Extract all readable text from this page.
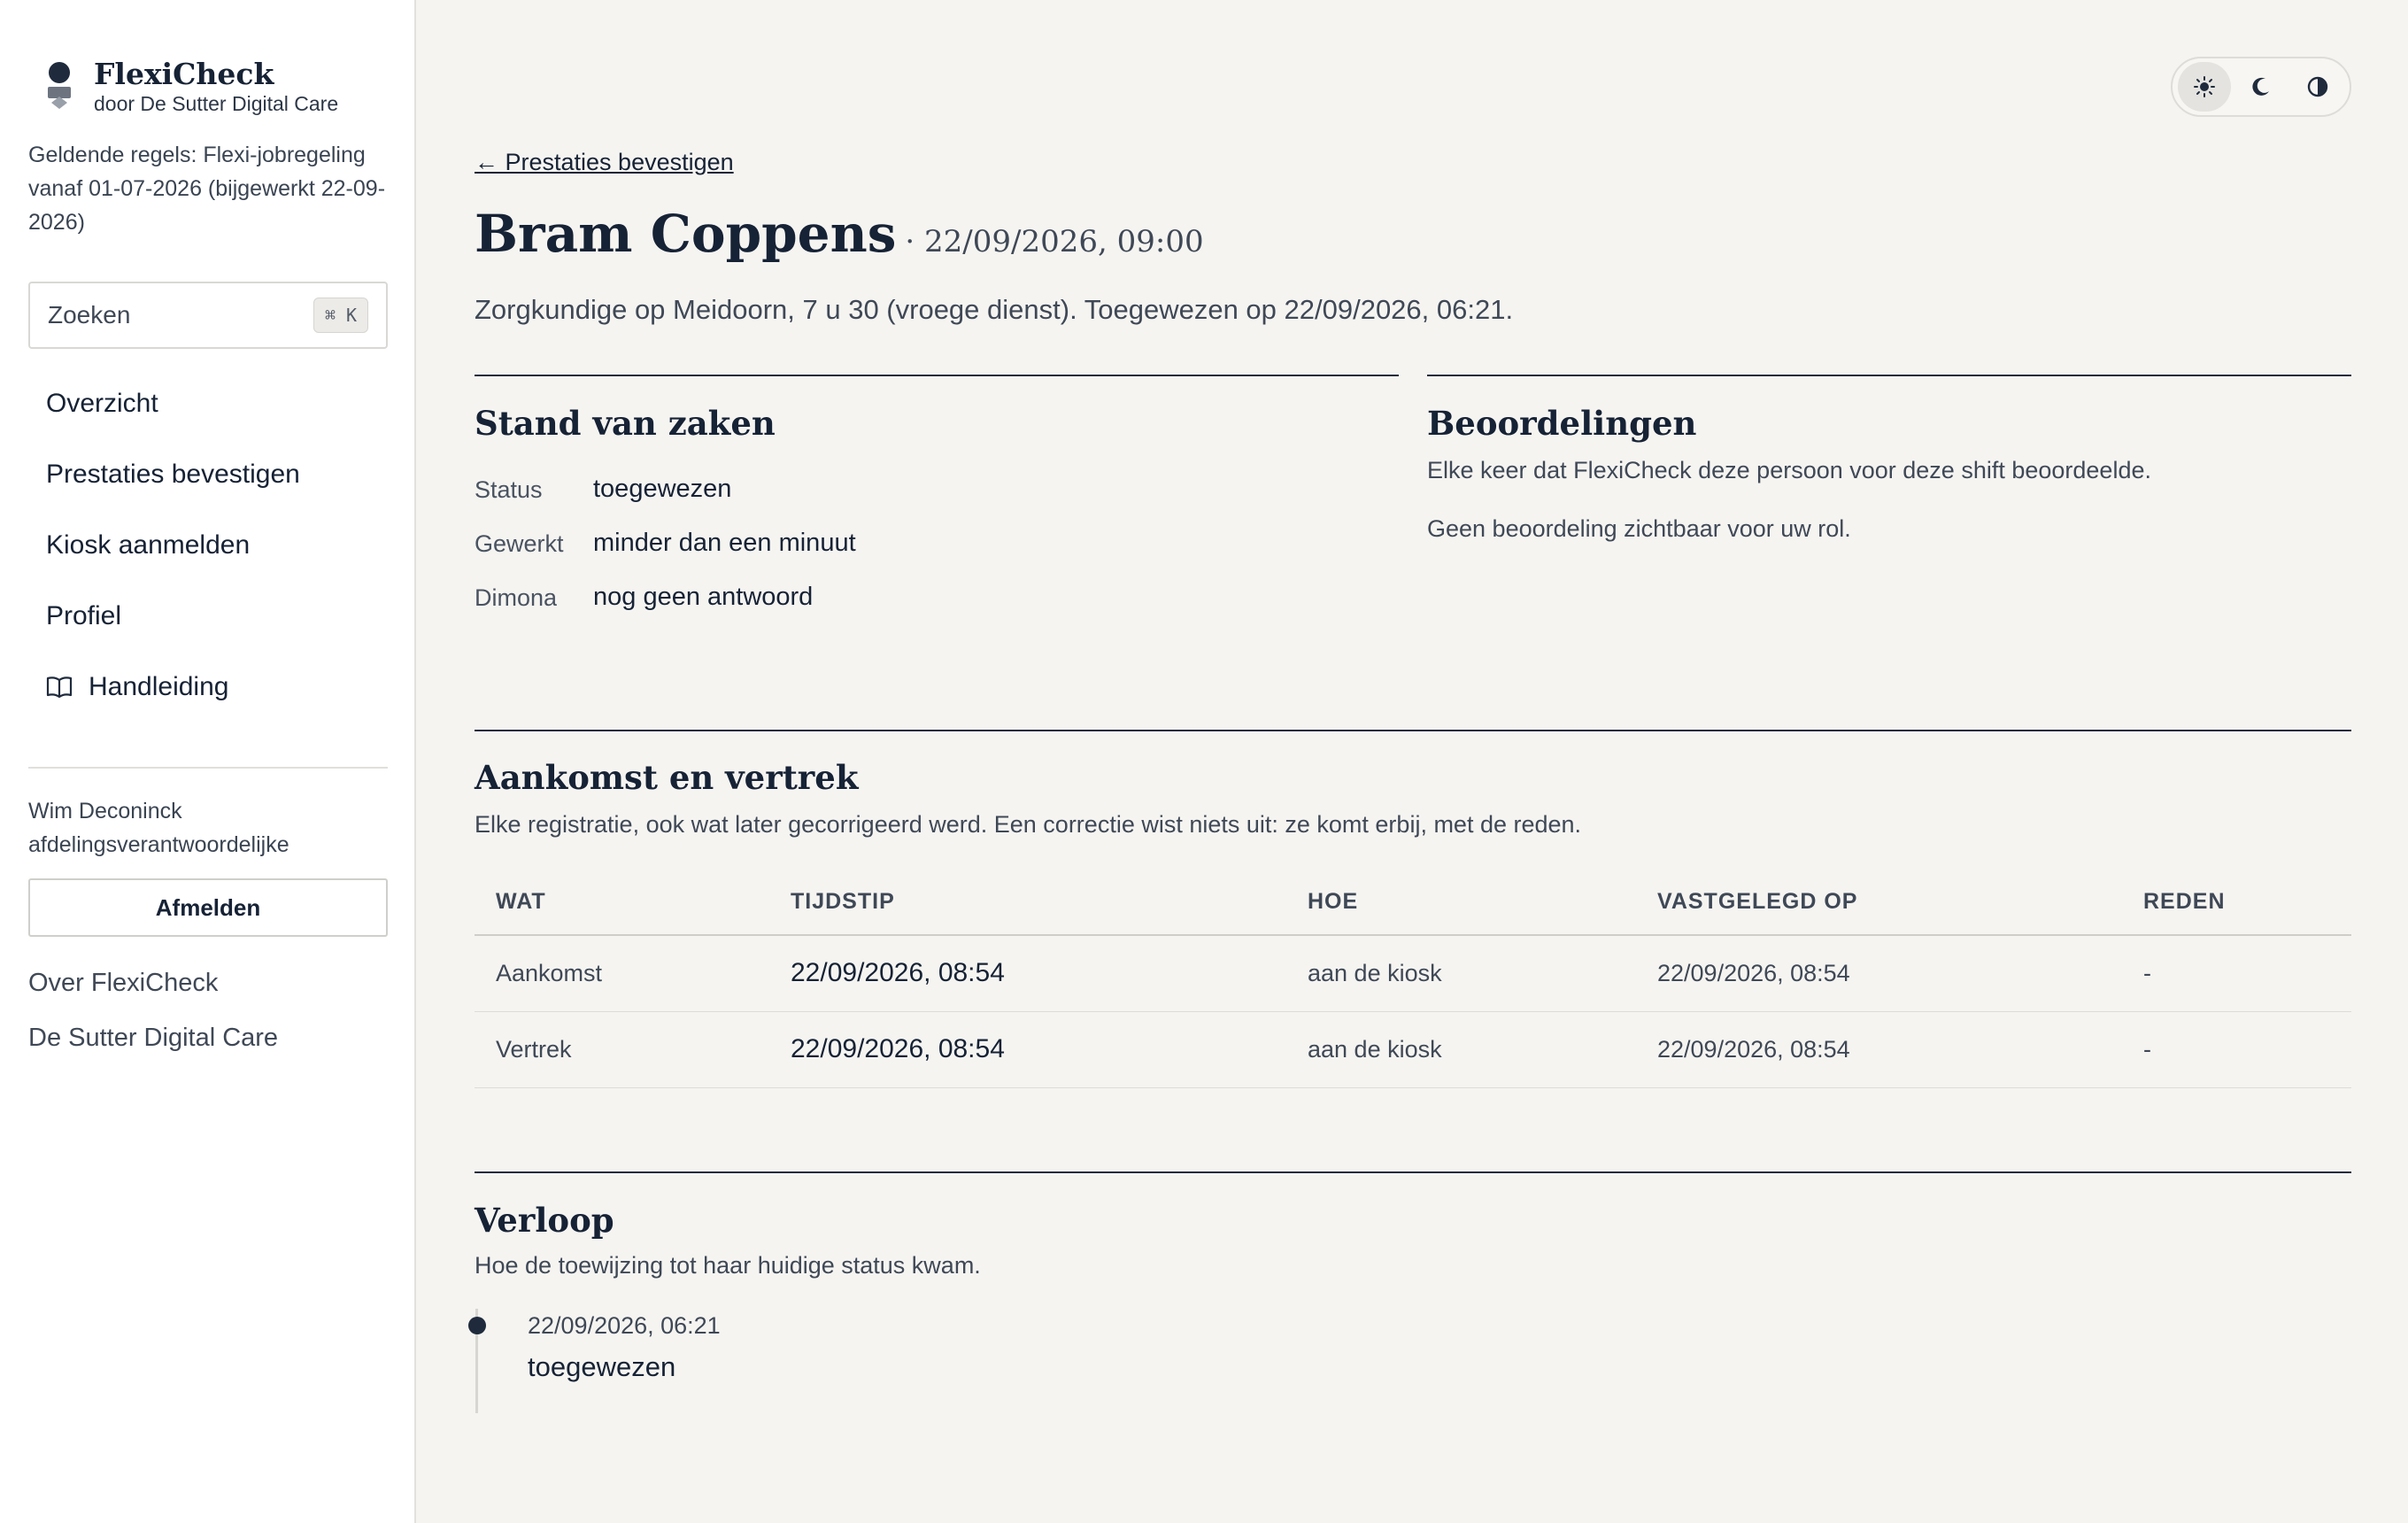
FlexiCheck
door De Sutter Digital Care
Geldende regels: Flexi-jobregeling vanaf 01-07-2026 (bijgewerkt 22-09-2026)
Zoeken	⌘ K
Overzicht
Prestaties bevestigen
Kiosk aanmelden
Profiel
Handleiding
Wim Deconinck
afdelingsverantwoordelijke
Afmelden
Over FlexiCheck
De Sutter Digital Care
← Prestaties bevestigen
Bram Coppens · 22/09/2026, 09:00
Zorgkundige op Meidoorn, 7 u 30 (vroege dienst). Toegewezen op 22/09/2026, 06:21.
Stand van zaken
Status toegewezen
Gewerkt minder dan een minuut
Dimona nog geen antwoord
Beoordelingen
Elke keer dat FlexiCheck deze persoon voor deze shift beoordeelde.
Geen beoordeling zichtbaar voor uw rol.
Aankomst en vertrek
Elke registratie, ook wat later gecorrigeerd werd. Een correctie wist niets uit: ze komt erbij, met de reden.
WAT	TIJDSTIP	HOE	VASTGELEGD OP	REDEN
Aankomst	22/09/2026, 08:54	aan de kiosk	22/09/2026, 08:54	-
Vertrek	22/09/2026, 08:54	aan de kiosk	22/09/2026, 08:54	-
Verloop
Hoe de toewijzing tot haar huidige status kwam.
22/09/2026, 06:21
toegewezen
